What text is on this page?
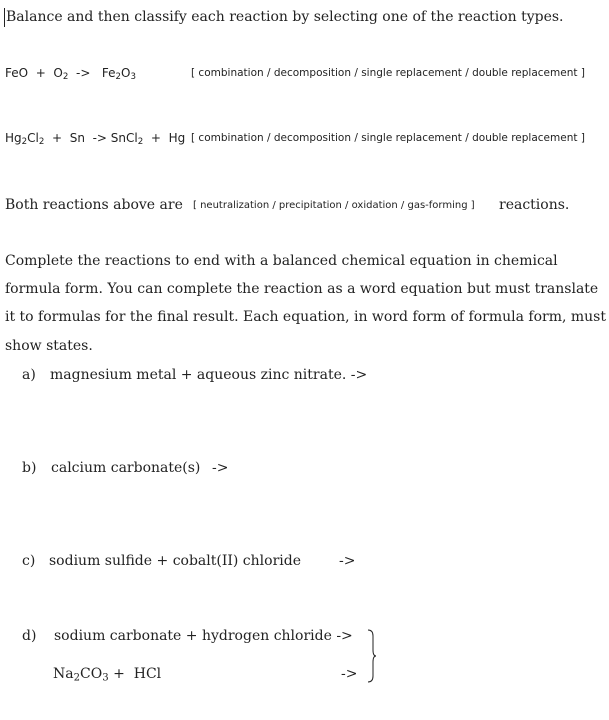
Balance and then classify each reaction by selecting one of the reaction types.
FeO + $O_2 -> Fe_2O_3$	[ combination / decomposition / single replacement / double replacement ]
$Hg_2Cl_2 + Sn$ -> SnCl$_2$ + Hg [ combination / decomposition / single replacement / double replacement ]
Both reactions above are [ neutralization / precipitation / oxidation / gas-forming ] reactions.
Complete the reactions to end with a balanced chemical equation in chemical
formula form. You can complete the reaction as a word equation but must translate
it to formulas for the final result. Each equation, in word form of formula form, must
show states.
a) magnesium metal + aqueous zinc nitrate. ->
b) calcium carbonate(s) ->
c) sodium sulfide + cobalt(II) chloride	->
d) sodium carbonate + hydrogen chloride ->
$Na_2CO_3$ +  HCl	->
